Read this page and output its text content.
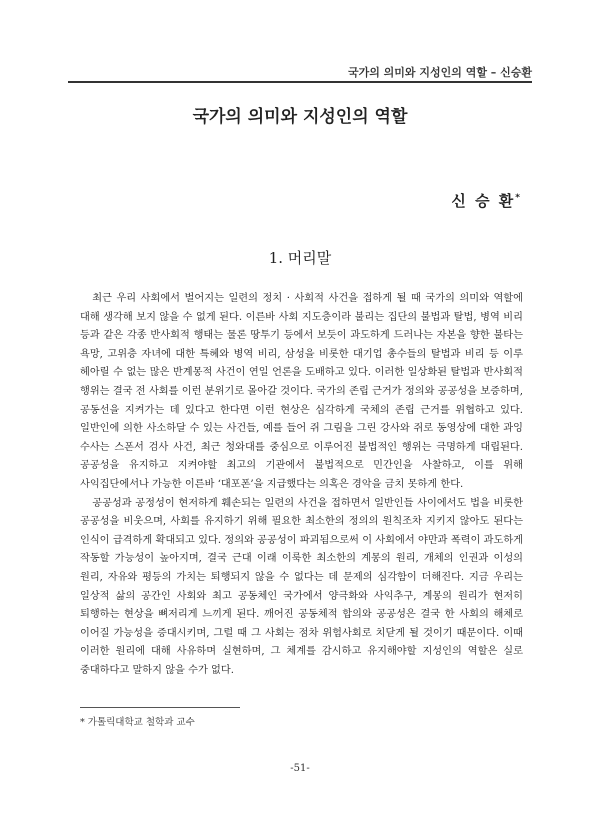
국가의 의미와 지성인의 역할 – 신승환
국가의 의미와 지성인의 역할
신 승 환*
1. 머리말

최근 우리 사회에서 벌어지는 일련의 정치 · 사회적 사건을 접하게 될 때 국가의 의미와 역할에 대해 생각해 보지 않을 수 없게 된다. 이른바 사회 지도층이라 불리는 집단의 불법과 탈법, 병역 비리 등과 같은 각종 반사회적 행태는 물론 땅투기 등에서 보듯이 과도하게 드러나는 자본을 향한 불타는 욕망, 고위층 자녀에 대한 특혜와 병역 비리, 삼성을 비롯한 대기업 총수들의 탈법과 비리 등 이루 헤아릴 수 없는 많은 반계몽적 사건이 연일 언론을 도배하고 있다. 이러한 일상화된 탈법과 반사회적 행위는 결국 전 사회를 이런 분위기로 몰아갈 것이다. 국가의 존립 근거가 정의와 공공성을 보증하며, 공동선을 지켜가는 데 있다고 한다면 이런 현상은 심각하게 국체의 존립 근거를 위협하고 있다. 일반인에 의한 사소하달 수 있는 사건들, 예를 들어 쥐 그림을 그린 강사와 쥐로 동영상에 대한 과잉 수사는 스폰서 검사 사건, 최근 청와대를 중심으로 이루어진 불법적인 행위는 극명하게 대립된다. 공공성을 유지하고 지켜야할 최고의 기관에서 불법적으로 민간인을 사찰하고, 이를 위해 사익집단에서나 가능한 이른바 ‘대포폰’을 지급했다는 의혹은 경악을 금치 못하게 한다.

공공성과 공정성이 현저하게 훼손되는 일련의 사건을 접하면서 일반인들 사이에서도 법을 비롯한 공공성을 비웃으며, 사회를 유지하기 위해 필요한 최소한의 정의의 원칙조차 지키지 않아도 된다는 인식이 급격하게 확대되고 있다. 정의와 공공성이 파괴됨으로써 이 사회에서 야만과 폭력이 과도하게 작동할 가능성이 높아지며, 결국 근대 이래 이룩한 최소한의 계몽의 원리, 개체의 인권과 이성의 원리, 자유와 평등의 가치는 퇴행되지 않을 수 없다는 데 문제의 심각함이 더해진다. 지금 우리는 일상적 삶의 공간인 사회와 최고 공동체인 국가에서 양극화와 사익추구, 계몽의 원리가 현저히 퇴행하는 현상을 뼈저리게 느끼게 된다. 깨어진 공동체적 합의와 공공성은 결국 한 사회의 해체로 이어질 가능성을 증대시키며, 그럴 때 그 사회는 점차 위험사회로 치닫게 될 것이기 때문이다. 이때 이러한 원리에 대해 사유하며 실현하며, 그 체계를 감시하고 유지해야할 지성인의 역할은 실로 중대하다고 말하지 않을 수가 없다.

* 가톨릭대학교 철학과 교수
-51-
